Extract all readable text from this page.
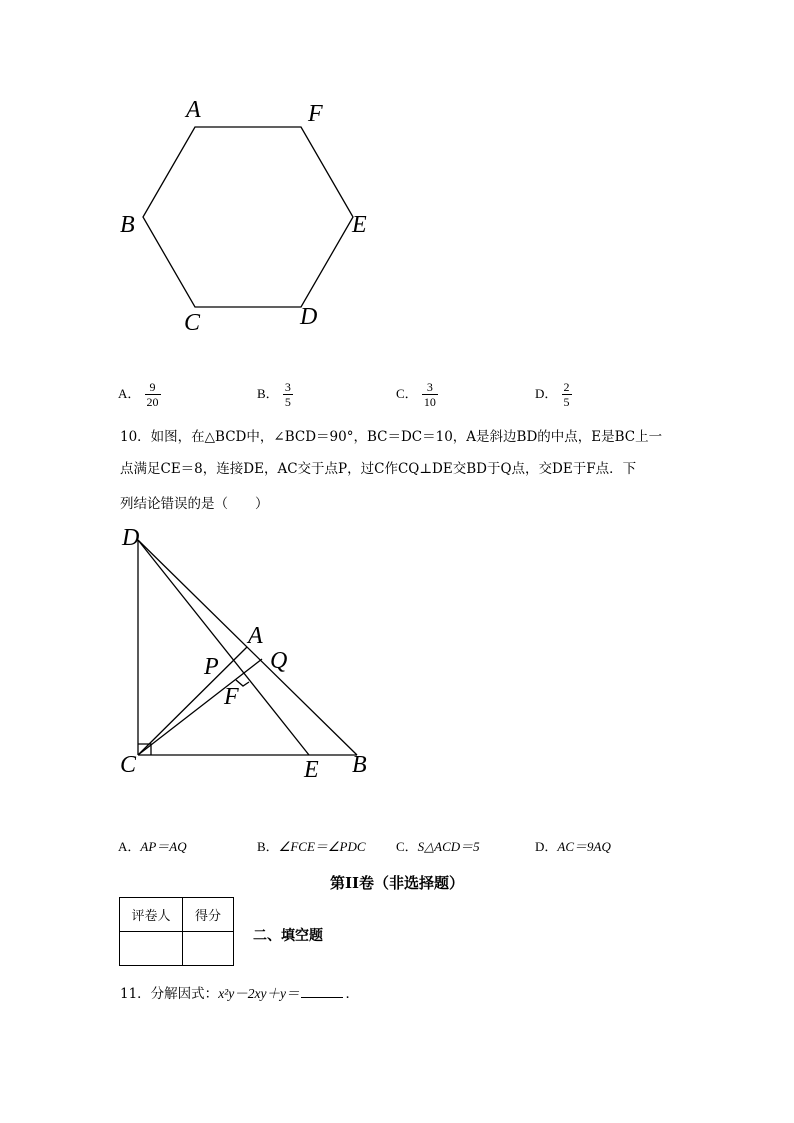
A	F
B	E
C	D
A． $\frac{9}{20}$	B． $\frac{3}{5}$	C． $\frac{3}{10}$	D． $\frac{2}{5}$
10．如图，在△BCD中，∠BCD＝90°，BC＝DC＝10，A是斜边BD的中点，E是BC上一
点满足CE＝8，连接DE，AC交于点P，过C作CQ⊥DE交BD于Q点，交DE于F点．下
列结论错误的是（　　）
D
A
P Q
F
C	E B
A．AP＝AQ	B．∠FCE＝∠PDC C．S△ACD＝5	D．AC＝9AQ
第II卷（非选择题）
评卷人	得分

二、填空题
11．分解因式：x²y－2xy＋y＝	．
